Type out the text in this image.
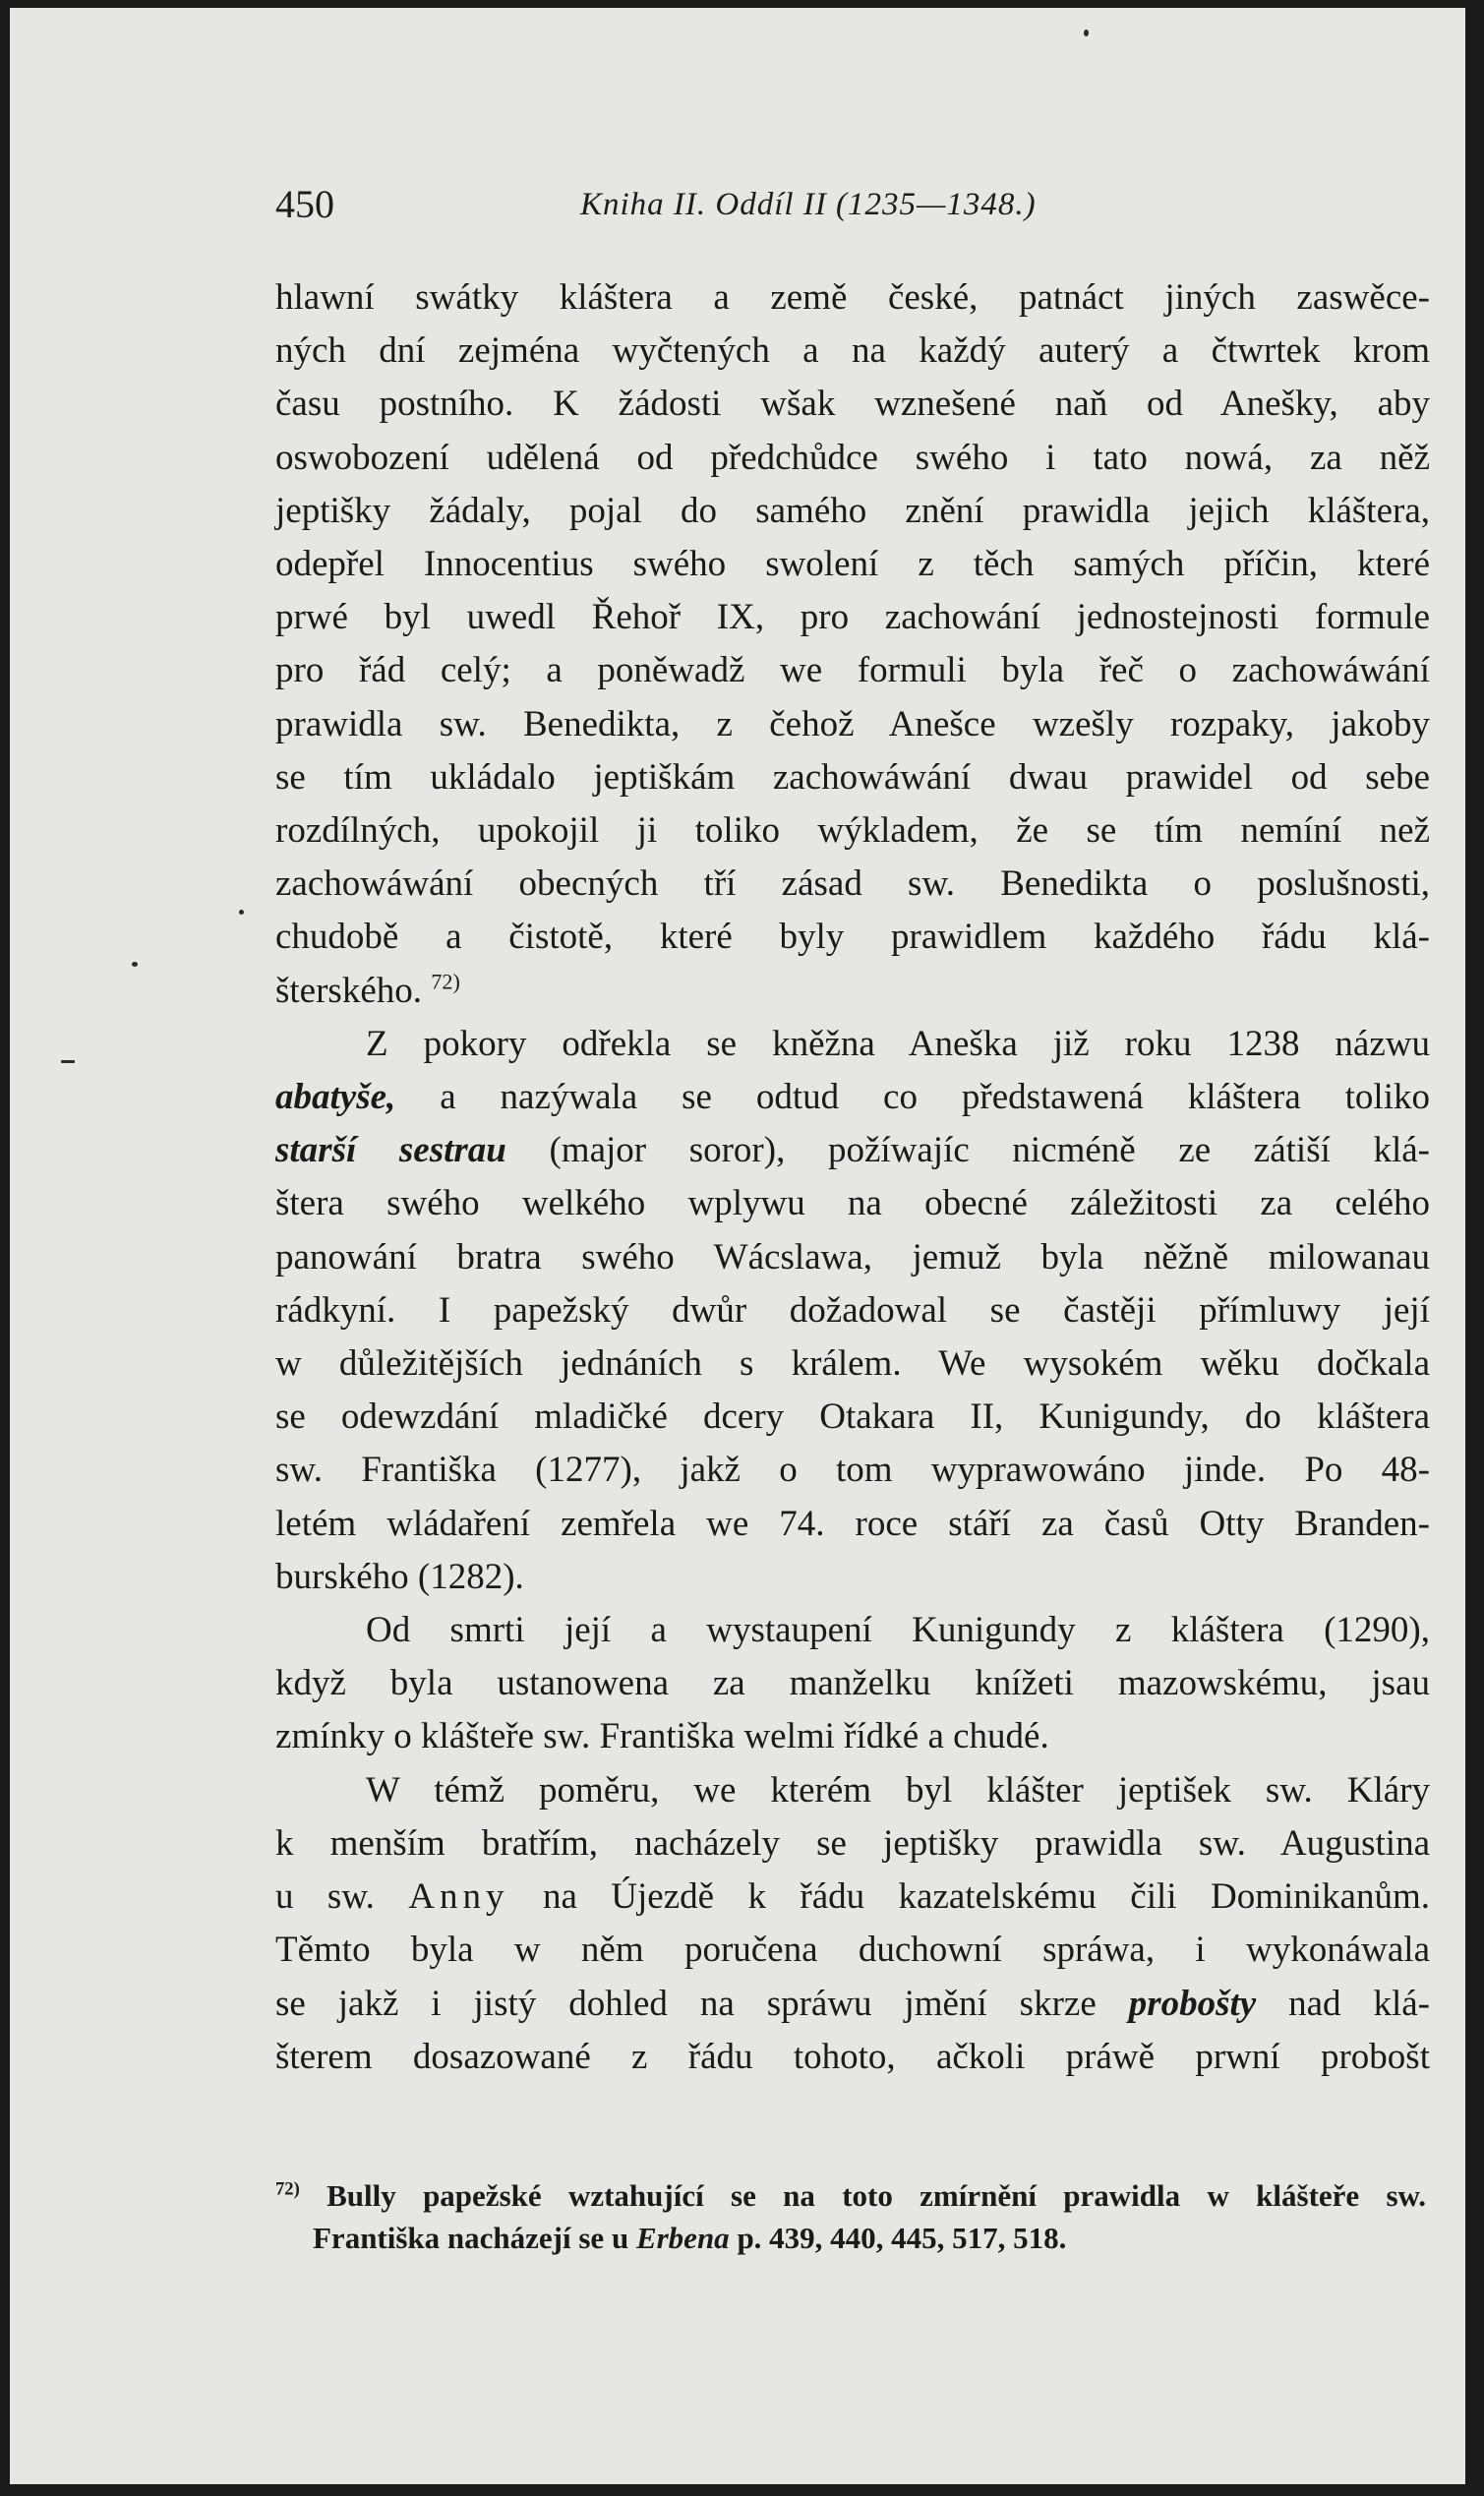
450	Kniha II. Oddíl II (1235—1348.)
hlawní swátky kláštera a země české, patnáct jiných zaswěce-
ných dní zejména wyčtených a na každý auterý a čtwrtek krom
času postního. K žádosti wšak wznešené naň od Anešky, aby
oswobození udělená od předchůdce swého i tato nowá, za něž
jeptišky žádaly, pojal do samého znění prawidla jejich kláštera,
odepřel Innocentius swého swolení z těch samých příčin, které
prwé byl uwedl Řehoř IX, pro zachowání jednostejnosti formule
pro řád celý; a poněwadž we formuli byla řeč o zachowáwání
prawidla sw. Benedikta, z čehož Anešce wzešly rozpaky, jakoby
se tím ukládalo jeptiškám zachowáwání dwau prawidel od sebe
rozdílných, upokojil ji toliko wýkladem, že se tím nemíní než
zachowáwání obecných tří zásad sw. Benedikta o poslušnosti,
chudobě a čistotě, které byly prawidlem každého řádu klá-
šterského. $^{72)}$
Z pokory odřekla se kněžna Aneška již roku 1238 názwu
abatyše, a nazýwala se odtud co předstawená kláštera toliko
starší sestrau (major soror), požíwajíc nicméně ze zátiší klá-
štera swého welkého wplywu na obecné záležitosti za celého
panowání bratra swého Wácslawa, jemuž byla něžně milowanau
rádkyní. I papežský dwůr dožadowal se častěji přímluwy její
w důležitějších jednáních s králem. We wysokém wěku dočkala
se odewzdání mladičké dcery Otakara II, Kunigundy, do kláštera
sw. Františka (1277), jakž o tom wyprawowáno jinde. Po 48-
letém wládaření zemřela we 74. roce stáří za časů Otty Branden-
burského (1282).
Od smrti její a wystaupení Kunigundy z kláštera (1290),
když byla ustanowena za manželku knížeti mazowskému, jsau
zmínky o klášteře sw. Františka welmi řídké a chudé.
W témž poměru, we kterém byl klášter jeptišek sw. Kláry
k menším bratřím, nacházely se jeptišky prawidla sw. Augustina
u sw. Anny na Újezdě k řádu kazatelskému čili Dominikanům.
Těmto byla w něm poručena duchowní spráwa, i wykonáwala
se jakž i jistý dohled na spráwu jmění skrze probošty nad klá-
šterem dosazowané z řádu tohoto, ačkoli práwě prwní probošt
$^{72)}$ Bully papežské wztahující se na toto zmírnění prawidla w klášteře sw.
Františka nacházejí se u Erbena p. 439, 440, 445, 517, 518.
